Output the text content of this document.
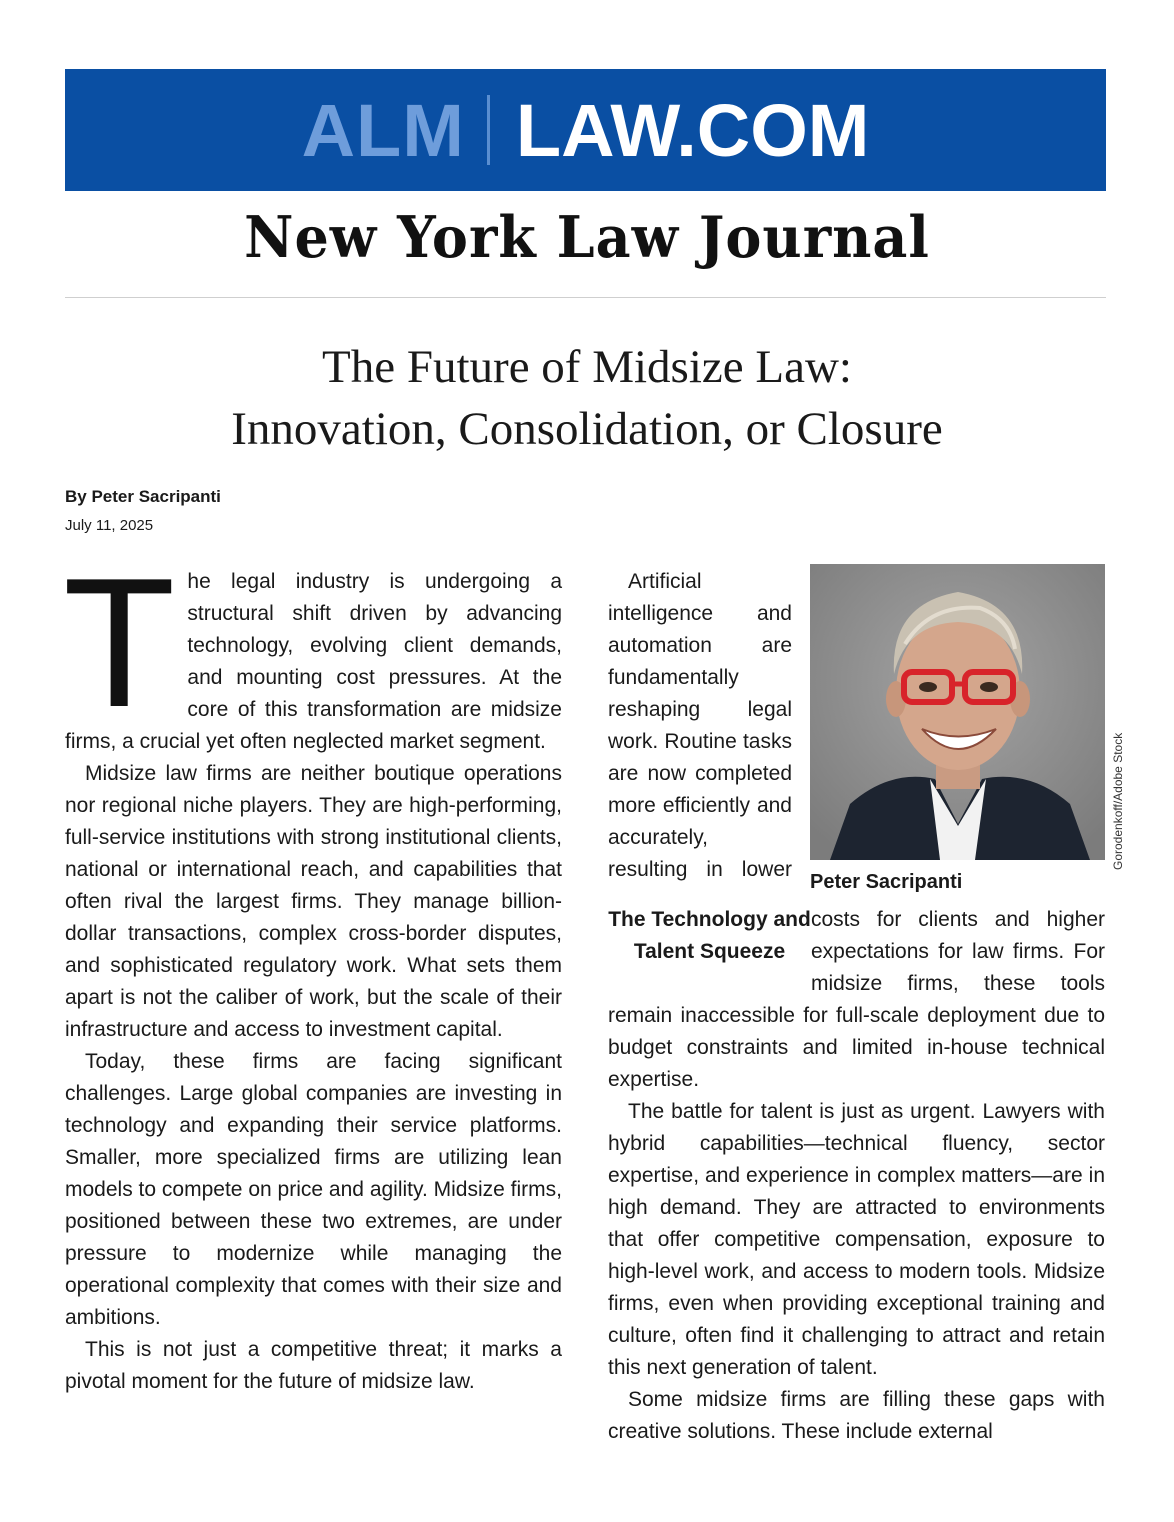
ALM LAW.COM
New York Law Journal
The Future of Midsize Law:
Innovation, Consolidation, or Closure
By Peter Sacripanti
July 11, 2025

The legal industry is undergoing a structural shift driven by advancing technology, evolving client demands, and mounting cost pressures. At the core of this transformation are midsize firms, a crucial yet often neglected market segment.

Midsize law firms are neither boutique operations nor regional niche players. They are high-performing, full-service institutions with strong institutional clients, national or international reach, and capabilities that often rival the largest firms. They manage billion-dollar transactions, complex cross-border disputes, and sophisticated regulatory work. What sets them apart is not the caliber of work, but the scale of their infrastructure and access to investment capital.

Today, these firms are facing significant challenges. Large global companies are investing in technology and expanding their service platforms. Smaller, more specialized firms are utilizing lean models to compete on price and agility. Midsize firms, positioned between these two extremes, are under pressure to modernize while managing the operational complexity that comes with their size and ambitions.

This is not just a competitive threat; it marks a pivotal moment for the future of midsize law.

Peter Sacripanti
The Technology and Talent Squeeze

Artificial intelligence and automation are fundamentally reshaping legal work. Routine tasks are now completed more efficiently and accurately, resulting in lower costs for clients and higher expectations for law firms. For midsize firms, these tools remain inaccessible for full-scale deployment due to budget constraints and limited in-house technical expertise.

The battle for talent is just as urgent. Lawyers with hybrid capabilities—technical fluency, sector expertise, and experience in complex matters—are in high demand. They are attracted to environments that offer competitive compensation, exposure to high-level work, and access to modern tools. Midsize firms, even when providing exceptional training and culture, often find it challenging to attract and retain this next generation of talent.

Some midsize firms are filling these gaps with creative solutions. These include external

Gorodenkoff/Adobe Stock
